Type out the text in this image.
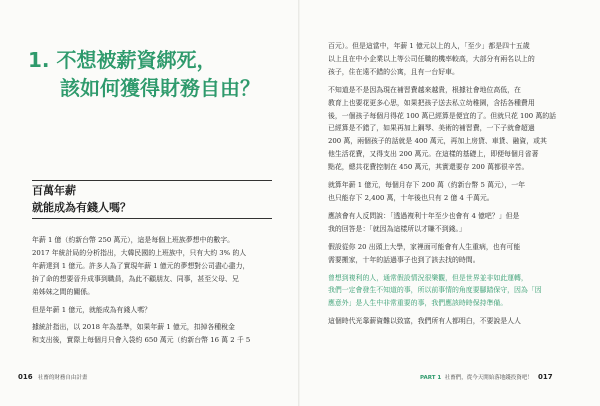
1. 不想被薪資綁死，
該如何獲得財務自由？
百萬年薪
就能成為有錢人嗎？

年薪 1 億（約新台幣 250 萬元），這是每個上班族夢想中的數字。

2017 年統計局的分析指出，大韓民國的上班族中，只有大約 3% 的人

年薪達到 1 億元。許多人為了實現年薪 1 億元的夢想對公司盡心盡力，

拚了命的想要晉升成事到職員，為此不顧朋友、同事，甚至父母、兄

弟姊妹之間的關係。

但是年薪 1 億元，就能成為有錢人嗎？

據統計指出，以 2018 年為基準，如果年薪 1 億元，扣掉各種稅金

和支出後，實際上每個月只會入袋約 650 萬元（約新台幣 16 萬 2 千 5

016 社畜的財務自由計畫

百元）。但是這當中，年薪 1 億元以上的人，「至少」都是四十五歲

以上且在中小企業以上等公司任職的機率較高，大部分有兩名以上的

孩子，住在遠不錯的公寓，且有一台好車。

不知道是不是因為現在補習費越來越貴，根據社會地位高低，在

教育上也要花更多心思，如果把孩子送去私立幼稚園，含括各種費用

後，一個孩子每個月得花 100 萬已經算是便宜的了。但就只花 100 萬的話

已經算是不錯了，如果再加上鋼琴、美術的補習費，一下子就會超過

200 萬，兩個孩子的話就是 400 萬元，再加上房貸、車貸、融資，或其

他生活花費，又得支出 200 萬元。在這樣的基礎上，即便每個月省著

點花，總共花費控制在 450 萬元，其實還要存 200 萬都很辛苦。

就算年薪 1 億元，每個月存下 200 萬（約新台幣 5 萬元），一年

也只能存下 2,400 萬，十年後也只有 2 億 4 千萬元。

應該會有人反問說：「透過複利十年至少也會有 4 億吧？」但是

我的回答是：「就因為這樣所以才賺不到錢。」

假設從你 20 出頭上大學，家裡面可能會有人生重病，也有可能

需要搬家，十年的話過事子也到了該去找的時間。

曾想到複利的人，通常假設情況很樂觀，但是世界並非如此運轉，

我們一定會發生不知道的事，所以前事情的角度要腳踏保守，因為「因

應意外」是人生中非常重要的事，我們應該時時保持準備。

這個時代光靠薪資難以致富，我們所有人都明白，不要說是人人

PART 1 社畜們，從今天開始落地錢投資吧！ 017
